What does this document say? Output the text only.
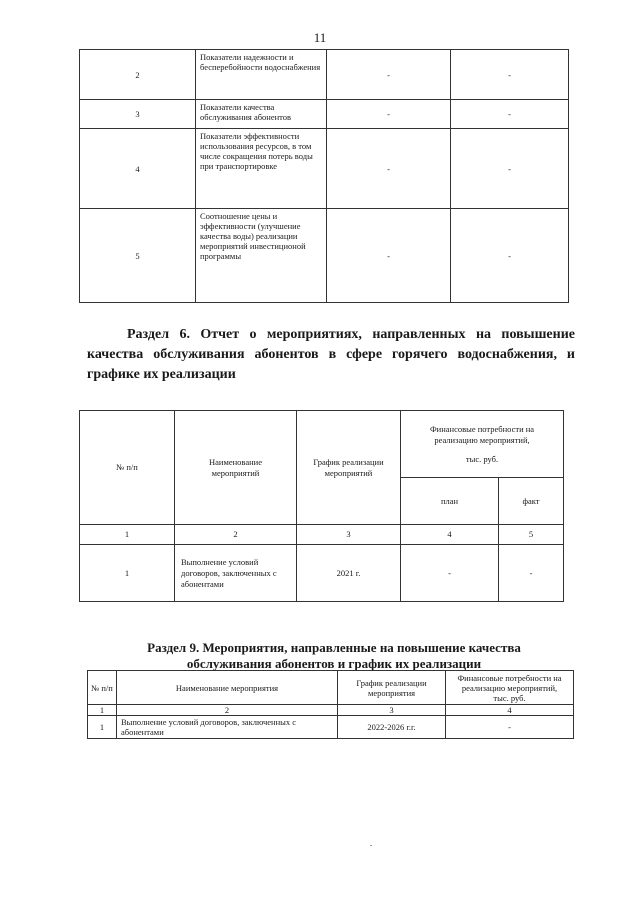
11
2	Показатели надежности и бесперебойности водоснабжения	-	-
3	Показатели качества обслуживания абонентов	-	-
4	Показатели эффективности использования ресурсов, в том числе сокращения потерь воды при транспортировке	-	-
5	Соотношение цены и эффективности (улучшение качества воды) реализации мероприятий инвестиционой программы	-	-
Раздел 6. Отчет о мероприятиях, направленных на повышение качества обслуживания абонентов в сфере горячего водоснабжения, и графике их реализации
№ п/п	Наименование мероприятий	График реализации мероприятий	Финансовые потребности на реализацию мероприятий,
тыс. руб.	

			план	факт
1	2	3	4	5
1	Выполнение условий договоров, заключенных с абонентами	2021 г.	-	-
Раздел 9. Мероприятия, направленные на повышение качества
обслуживания абонентов и график их реализации
№ п/п	Наименование мероприятия	График реализации мероприятия	Финансовые потребности на реализацию мероприятий, тыс. руб.
1	2	3	4
1	Выполнение условий договоров, заключенных с абонентами	2022-2026 г.г.	-
